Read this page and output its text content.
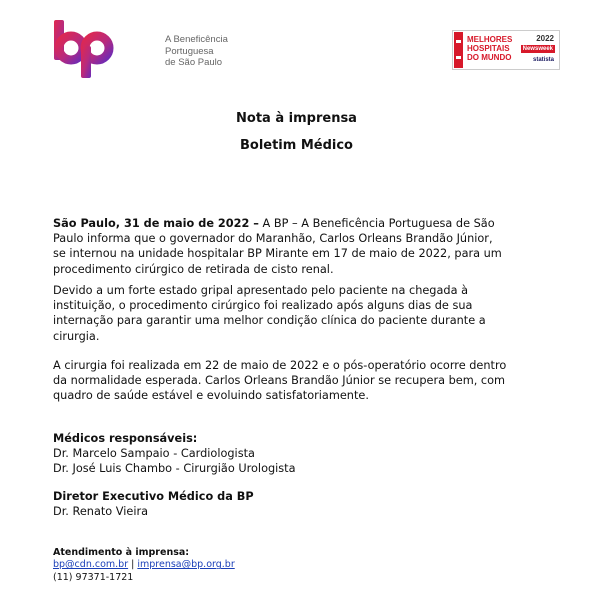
A Beneficência
Portuguesa
de São Paulo
MELHORES
HOSPITAIS
DO MUNDO
2022
Newsweek
statista
Nota à imprensa
Boletim Médico
São Paulo, 31 de maio de 2022 – A BP – A Beneficência Portuguesa de São
Paulo informa que o governador do Maranhão, Carlos Orleans Brandão Júnior,
se internou na unidade hospitalar BP Mirante em 17 de maio de 2022, para um
procedimento cirúrgico de retirada de cisto renal.
Devido a um forte estado gripal apresentado pelo paciente na chegada à
instituição, o procedimento cirúrgico foi realizado após alguns dias de sua
internação para garantir uma melhor condição clínica do paciente durante a
cirurgia.
A cirurgia foi realizada em 22 de maio de 2022 e o pós-operatório ocorre dentro
da normalidade esperada. Carlos Orleans Brandão Júnior se recupera bem, com
quadro de saúde estável e evoluindo satisfatoriamente.
Médicos responsáveis:
Dr. Marcelo Sampaio - Cardiologista
Dr. José Luis Chambo - Cirurgião Urologista
Diretor Executivo Médico da BP
Dr. Renato Vieira
Atendimento à imprensa:
bp@cdn.com.br | imprensa@bp.org.br
(11) 97371-1721
